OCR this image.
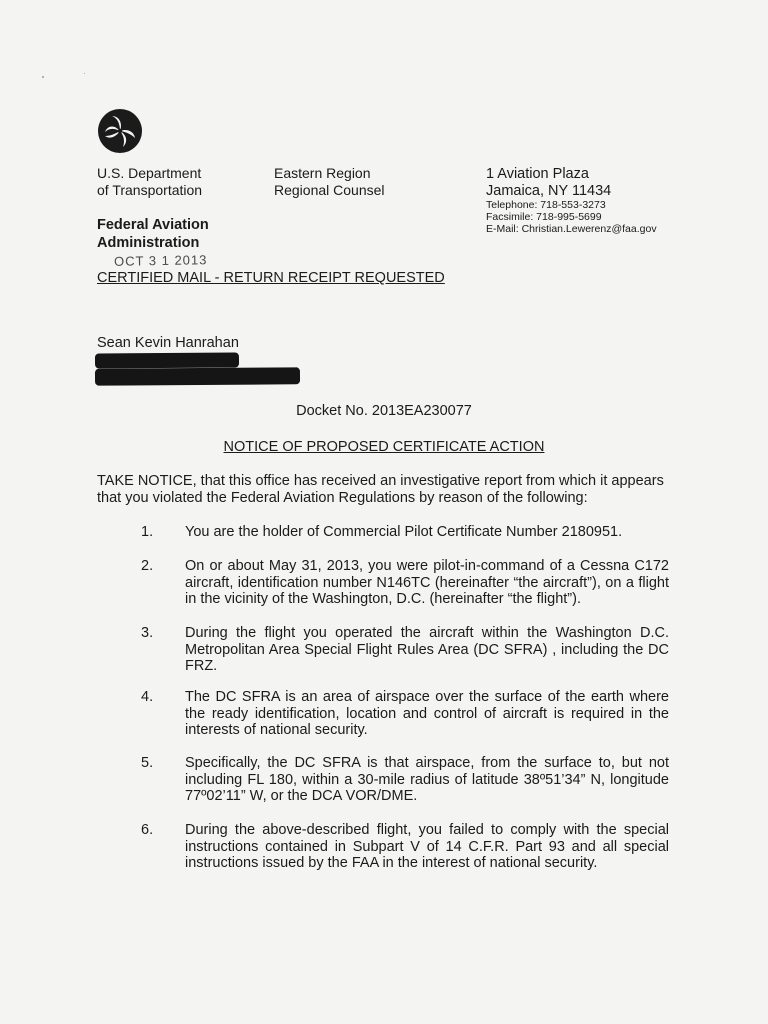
U.S. Department
of Transportation
Federal Aviation
Administration
Eastern Region
Regional Counsel
1 Aviation Plaza
Jamaica, NY 11434
Telephone: 718-553-3273
Facsimile: 718-995-5699
E-Mail: Christian.Lewerenz@faa.gov
OCT 3 1 2013
CERTIFIED MAIL - RETURN RECEIPT REQUESTED
Sean Kevin Hanrahan
Docket No. 2013EA230077
NOTICE OF PROPOSED CERTIFICATE ACTION
TAKE NOTICE, that this office has received an investigative report from which it appears that you violated the Federal Aviation Regulations by reason of the following:
1.	You are the holder of Commercial Pilot Certificate Number 2180951.
2.	On or about May 31, 2013, you were pilot-in-command of a Cessna C172 aircraft, identification number N146TC (hereinafter “the aircraft”), on a flight in the vicinity of the Washington, D.C. (hereinafter “the flight”).
3.	During the flight you operated the aircraft within the Washington D.C. Metropolitan Area Special Flight Rules Area (DC SFRA) , including the DC FRZ.
4.	The DC SFRA is an area of airspace over the surface of the earth where the ready identification, location and control of aircraft is required in the interests of national security.
5.	Specifically, the DC SFRA is that airspace, from the surface to, but not including FL 180, within a 30-mile radius of latitude 38º51’34” N, longitude 77º02’11” W, or the DCA VOR/DME.
6.	During the above-described flight, you failed to comply with the special instructions contained in Subpart V of 14 C.F.R. Part 93 and all special instructions issued by the FAA in the interest of national security.
